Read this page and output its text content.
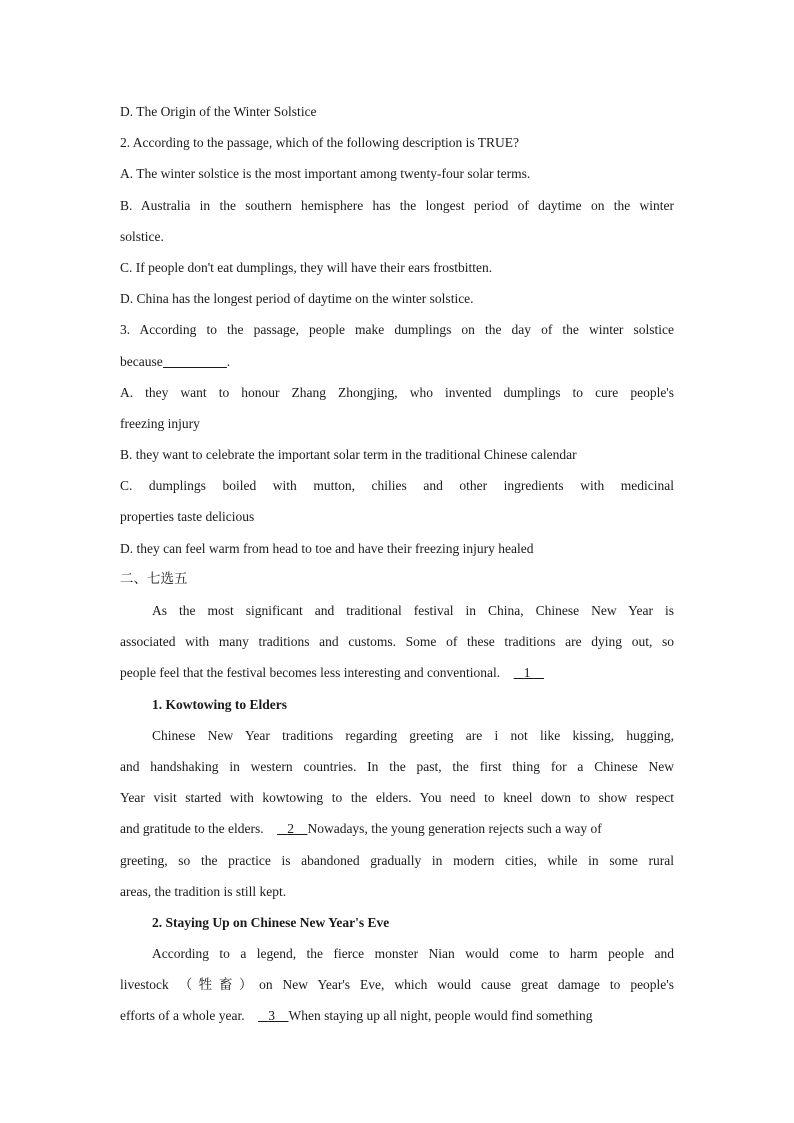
D. The Origin of the Winter Solstice
2. According to the passage, which of the following description is TRUE?
A. The winter solstice is the most important among twenty-four solar terms.
B. Australia in the southern hemisphere has the longest period of daytime on the winter
solstice.
C. If people don't eat dumplings, they will have their ears frostbitten.
D. China has the longest period of daytime on the winter solstice.
3. According to the passage, people make dumplings on the day of the winter solstice
because	.
A. they want to honour Zhang Zhongjing, who invented dumplings to cure people's
freezing injury
B. they want to celebrate the important solar term in the traditional Chinese calendar
C. dumplings boiled with mutton, chilies and other ingredients with medicinal
properties taste delicious
D. they can feel warm from head to toe and have their freezing injury healed
二、七选五
As the most significant and traditional festival in China, Chinese New Year is
associated with many traditions and customs. Some of these traditions are dying out, so
people feel that the festival becomes less interesting and conventional. 1
1. Kowtowing to Elders
Chinese New Year traditions regarding greeting are i not like kissing, hugging,
and handshaking in western countries. In the past, the first thing for a Chinese New
Year visit started with kowtowing to the elders. You need to kneel down to show respect
and gratitude to the elders. 2 Nowadays, the young generation rejects such a way of
greeting, so the practice is abandoned gradually in modern cities, while in some rural
areas, the tradition is still kept.
2. Staying Up on Chinese New Year's Eve
According to a legend, the fierce monster Nian would come to harm people and
livestock （牲畜）on New Year's Eve, which would cause great damage to people's
efforts of a whole year. 3 When staying up all night, people would find something
